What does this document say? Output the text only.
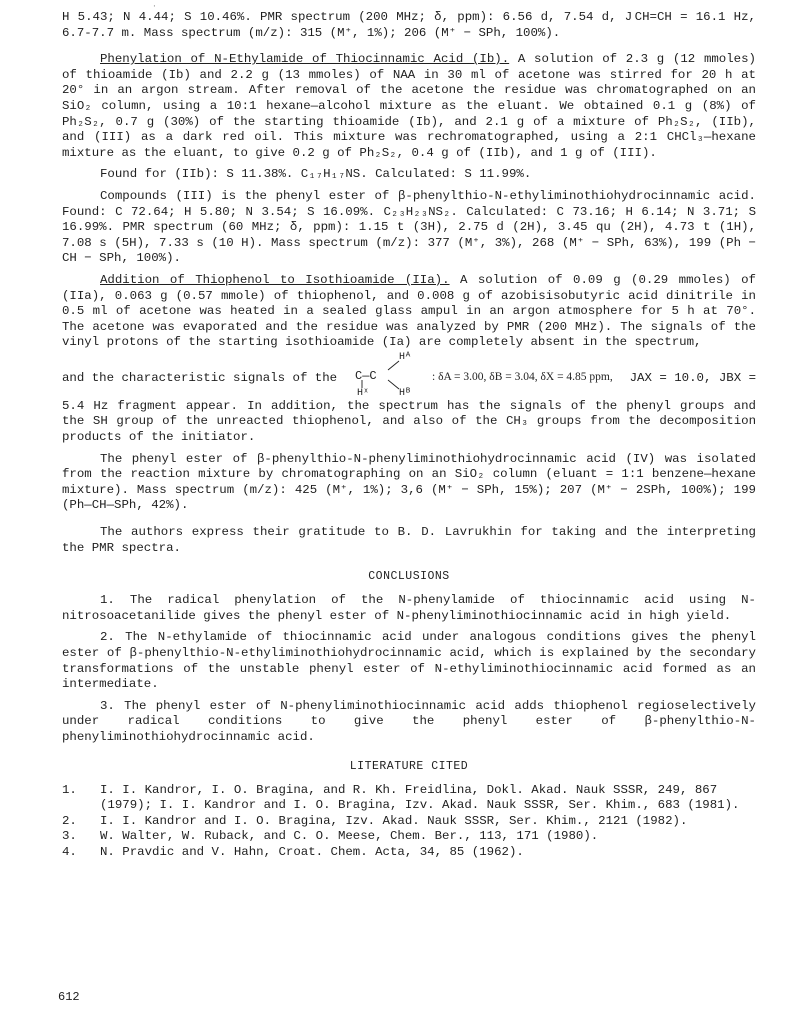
·

H 5.43; N 4.44; S 10.46%. PMR spectrum (200 MHz; δ, ppm): 6.56 d, 7.54 d, J CH=CH = 16.1 Hz, 6.7-7.7 m. Mass spectrum (m/z): 315 (M⁺, 1%); 206 (M⁺ − SPh, 100%).

Phenylation of N-Ethylamide of Thiocinnamic Acid (Ib). A solution of 2.3 g (12 mmoles) of thioamide (Ib) and 2.2 g (13 mmoles) of NAA in 30 ml of acetone was stirred for 20 h at 20° in an argon stream. After removal of the acetone the residue was chromatographed on an SiO₂ column, using a 10:1 hexane—alcohol mixture as the eluant. We obtained 0.1 g (8%) of Ph₂S₂, 0.7 g (30%) of the starting thioamide (Ib), and 2.1 g of a mixture of Ph₂S₂, (IIb), and (III) as a dark red oil. This mixture was rechromatographed, using a 2:1 CHCl₃—hexane mixture as the eluant, to give 0.2 g of Ph₂S₂, 0.4 g of (IIb), and 1 g of (III).

Found for (IIb): S 11.38%. C₁₇H₁₇NS. Calculated: S 11.99%.

Compounds (III) is the phenyl ester of β-phenylthio-N-ethyliminothiohydrocinnamic acid. Found: C 72.64; H 5.80; N 3.54; S 16.09%. C₂₃H₂₃NS₂. Calculated: C 73.16; H 6.14; N 3.71; S 16.99%. PMR spectrum (60 MHz; δ, ppm): 1.15 t (3H), 2.75 d (2H), 3.45 qu (2H), 4.73 t (1H), 7.08 s (5H), 7.33 s (10 H). Mass spectrum (m/z): 377 (M⁺, 3%), 268 (M⁺ − SPh, 63%), 199 (Ph − CH − SPh, 100%).

Addition of Thiophenol to Isothioamide (IIa). A solution of 0.09 g (0.29 mmoles) of (IIa), 0.063 g (0.57 mmole) of thiophenol, and 0.008 g of azobisisobutyric acid dinitrile in 0.5 ml of acetone was heated in a sealed glass ampul in an argon atmosphere for 5 h at 70°. The acetone was evaporated and the residue was analyzed by PMR (200 MHz). The signals of the vinyl protons of the starting isothioamide (Ia) are completely absent in the spectrum,

and the characteristic signals of the C—C
Hᴬ
Hˣ	Hᴮ
: δA = 3.00, δB = 3.04, δX = 4.85 ppm, JAX = 10.0, JBX =

5.4 Hz fragment appear. In addition, the spectrum has the signals of the phenyl groups and the SH group of the unreacted thiophenol, and also of the CH₃ groups from the decomposition products of the initiator.

The phenyl ester of β-phenylthio-N-phenyliminothiohydrocinnamic acid (IV) was isolated from the reaction mixture by chromatographing on an SiO₂ column (eluant = 1:1 benzene—hexane mixture). Mass spectrum (m/z): 425 (M⁺, 1%); 3,6 (M⁺ − SPh, 15%); 207 (M⁺ − 2SPh, 100%); 199 (Ph—CH—SPh, 42%).

The authors express their gratitude to B. D. Lavrukhin for taking and the interpreting the PMR spectra.

CONCLUSIONS

1. The radical phenylation of the N-phenylamide of thiocinnamic acid using N-nitrosoacetanilide gives the phenyl ester of N-phenyliminothiocinnamic acid in high yield.

2. The N-ethylamide of thiocinnamic acid under analogous conditions gives the phenyl ester of β-phenylthio-N-ethyliminothiohydrocinnamic acid, which is explained by the secondary transformations of the unstable phenyl ester of N-ethyliminothiocinnamic acid formed as an intermediate.

3. The phenyl ester of N-phenyliminothiocinnamic acid adds thiophenol regioselectively under radical conditions to give the phenyl ester of β-phenylthio-N-phenyliminothiohydrocinnamic acid.

LITERATURE CITED
1.	I. I. Kandror, I. O. Bragina, and R. Kh. Freidlina, Dokl. Akad. Nauk SSSR, 249, 867 (1979); I. I. Kandror and I. O. Bragina, Izv. Akad. Nauk SSSR, Ser. Khim., 683 (1981).
2.	I. I. Kandror and I. O. Bragina, Izv. Akad. Nauk SSSR, Ser. Khim., 2121 (1982).
3.	W. Walter, W. Ruback, and C. O. Meese, Chem. Ber., 113, 171 (1980).
4.	N. Pravdic and V. Hahn, Croat. Chem. Acta, 34, 85 (1962).
612
